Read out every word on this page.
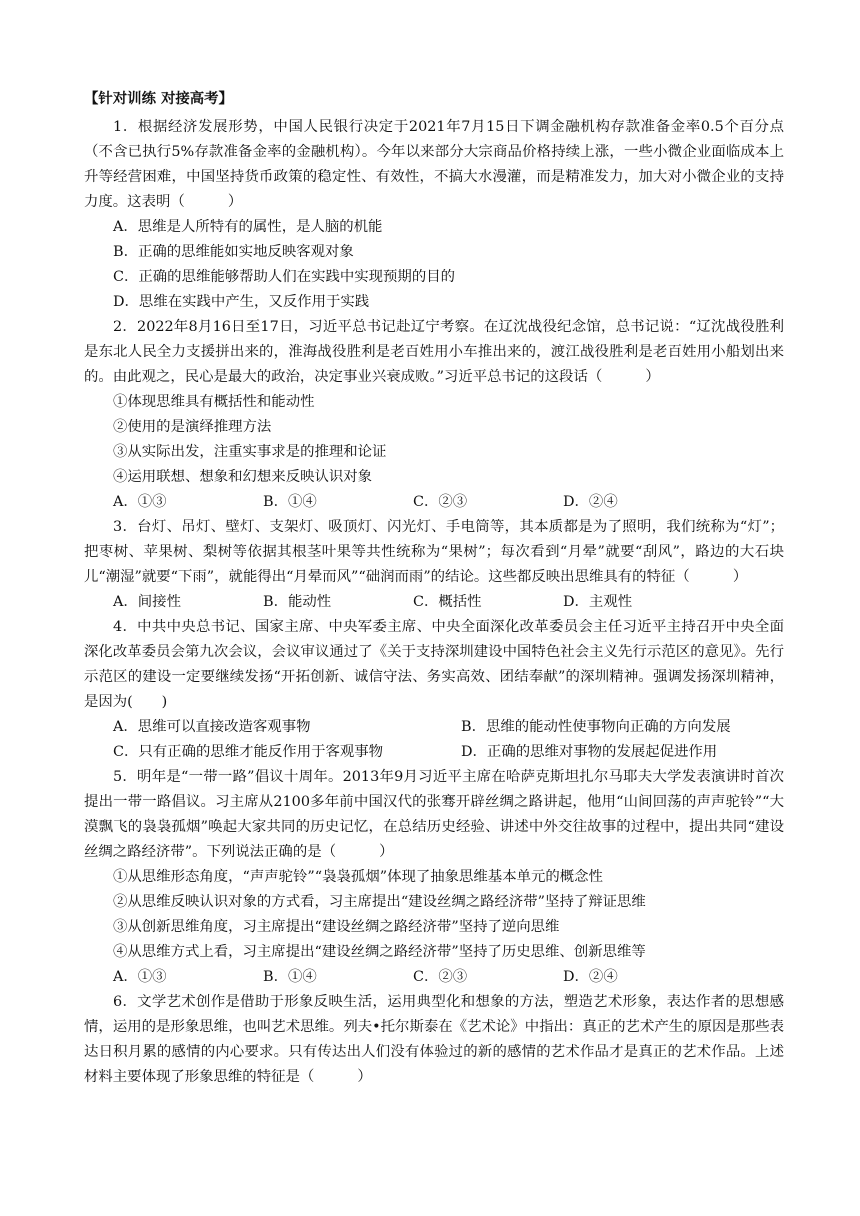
【针对训练 对接高考】
1．根据经济发展形势，中国人民银行决定于2021年7月15日下调金融机构存款准备金率0.5个百分点（不含已执行5%存款准备金率的金融机构）。今年以来部分大宗商品价格持续上涨，一些小微企业面临成本上升等经营困难，中国坚持货币政策的稳定性、有效性，不搞大水漫灌，而是精准发力，加大对小微企业的支持力度。这表明（　　　）
A．思维是人所特有的属性，是人脑的机能
B．正确的思维能如实地反映客观对象
C．正确的思维能够帮助人们在实践中实现预期的目的
D．思维在实践中产生，又反作用于实践
2．2022年8月16日至17日，习近平总书记赴辽宁考察。在辽沈战役纪念馆，总书记说：“辽沈战役胜利是东北人民全力支援拼出来的，淮海战役胜利是老百姓用小车推出来的，渡江战役胜利是老百姓用小船划出来的。由此观之，民心是最大的政治，决定事业兴衰成败。”习近平总书记的这段话（　　　）
①体现思维具有概括性和能动性
②使用的是演绎推理方法
③从实际出发，注重实事求是的推理和论证
④运用联想、想象和幻想来反映认识对象
A．①③	B．①④	C．②③	D．②④
3．台灯、吊灯、壁灯、支架灯、吸顶灯、闪光灯、手电筒等，其本质都是为了照明，我们统称为“灯”；把枣树、苹果树、梨树等依据其根茎叶果等共性统称为“果树”；每次看到“月晕”就要“刮风”，路边的大石块儿“潮湿”就要“下雨”，就能得出“月晕而风”“础润而雨”的结论。这些都反映出思维具有的特征（　　　）
A．间接性	B．能动性	C．概括性	D．主观性
4．中共中央总书记、国家主席、中央军委主席、中央全面深化改革委员会主任习近平主持召开中央全面深化改革委员会第九次会议，会议审议通过了《关于支持深圳建设中国特色社会主义先行示范区的意见》。先行示范区的建设一定要继续发扬“开拓创新、诚信守法、务实高效、团结奉献”的深圳精神。强调发扬深圳精神，是因为(　　)
A．思维可以直接改造客观事物	B．思维的能动性使事物向正确的方向发展
C．只有正确的思维才能反作用于客观事物	D．正确的思维对事物的发展起促进作用
5．明年是“一带一路”倡议十周年。2013年9月习近平主席在哈萨克斯坦扎尔马耶夫大学发表演讲时首次提出一带一路倡议。习主席从2100多年前中国汉代的张骞开辟丝绸之路讲起，他用“山间回荡的声声驼铃”“大漠飘飞的袅袅孤烟”唤起大家共同的历史记忆，在总结历史经验、讲述中外交往故事的过程中，提出共同“建设丝绸之路经济带”。下列说法正确的是（　　　）
①从思维形态角度，“声声驼铃”“袅袅孤烟”体现了抽象思维基本单元的概念性
②从思维反映认识对象的方式看，习主席提出“建设丝绸之路经济带”坚持了辩证思维
③从创新思维角度，习主席提出“建设丝绸之路经济带”坚持了逆向思维
④从思维方式上看，习主席提出“建设丝绸之路经济带”坚持了历史思维、创新思维等
A．①③	B．①④	C．②③	D．②④
6．文学艺术创作是借助于形象反映生活，运用典型化和想象的方法，塑造艺术形象，表达作者的思想感情，运用的是形象思维，也叫艺术思维。列夫•托尔斯泰在《艺术论》中指出：真正的艺术产生的原因是那些表达日积月累的感情的内心要求。只有传达出人们没有体验过的新的感情的艺术作品才是真正的艺术作品。上述材料主要体现了形象思维的特征是（　　　）
